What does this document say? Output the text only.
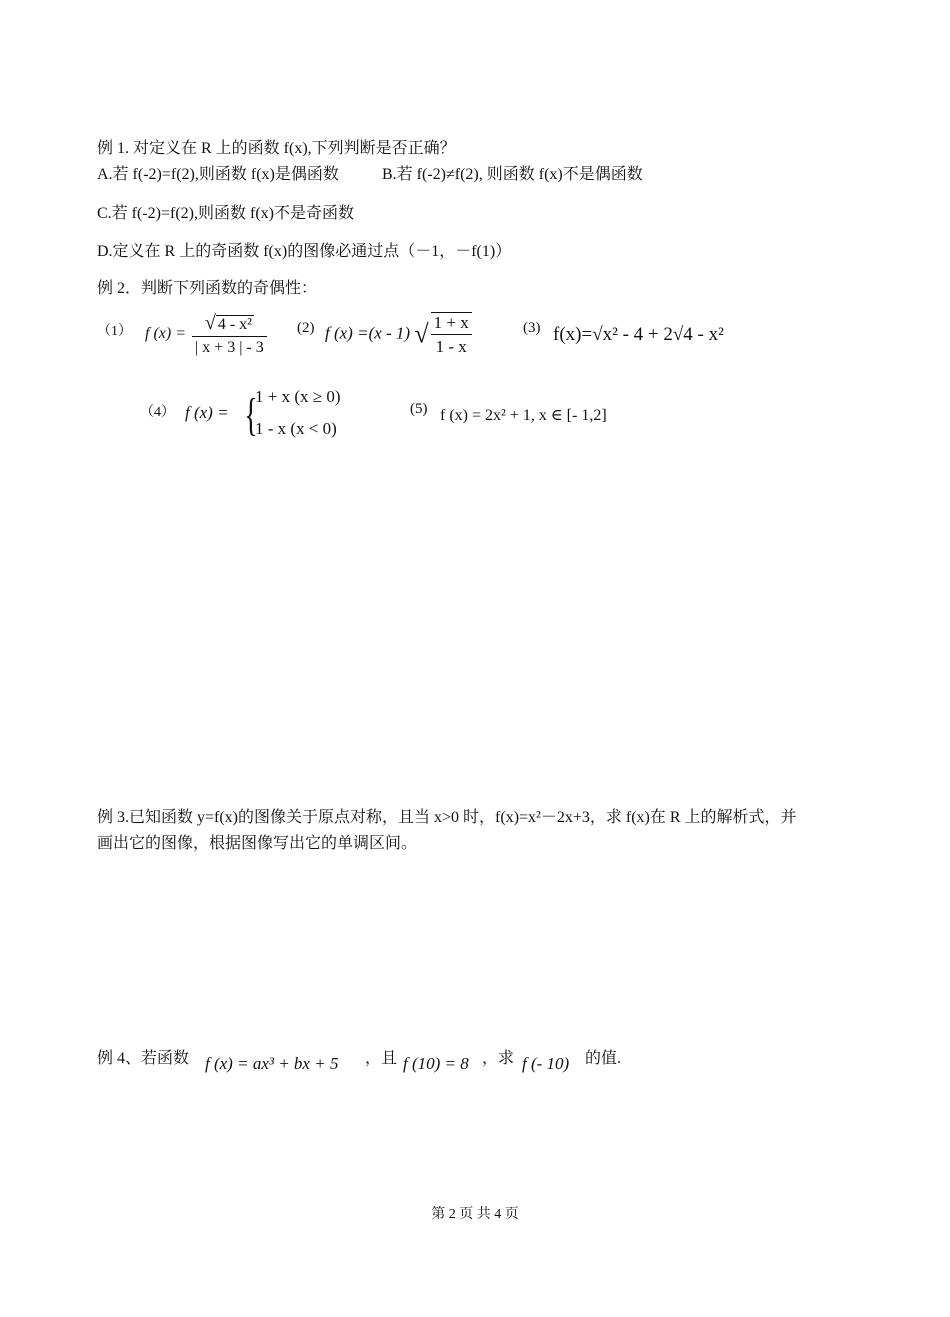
例 1. 对定义在 R 上的函数 f(x),下列判断是否正确？
A.若 f(-2)=f(2),则函数 f(x)是偶函数	B.若 f(-2)≠f(2), 则函数 f(x)不是偶函数
C.若 f(-2)=f(2),则函数 f(x)不是奇函数
D.定义在 R 上的奇函数 f(x)的图像必通过点（－1，－f(1)）
例 2．判断下列函数的奇偶性：
（1） f $(x) = \frac{\text{√ 4 - x²}}{| x + 3 | - 3} (2)$ f (x) =(x - 1) √ $\frac{1 + x}{1 - x}$	(3) f(x)=√x² - 4 + 2√4 - x²
（4） f (x) = {
1 + x (x ≥ 0)
1 - x (x < 0)
(5) f (x) = 2x² + 1, x ∈ [- 1,2]
例 3.已知函数 y=f(x)的图像关于原点对称，且当 x>0 时，f(x)=x²－2x+3，求 f(x)在 R 上的解析式，并
画出它的图像，根据图像写出它的单调区间。
例 4、若函数 f (x) = ax³ + bx + 5 ，且 f (10) = 8 ，求 f (- 10) 的值.
第 2 页 共 4 页
